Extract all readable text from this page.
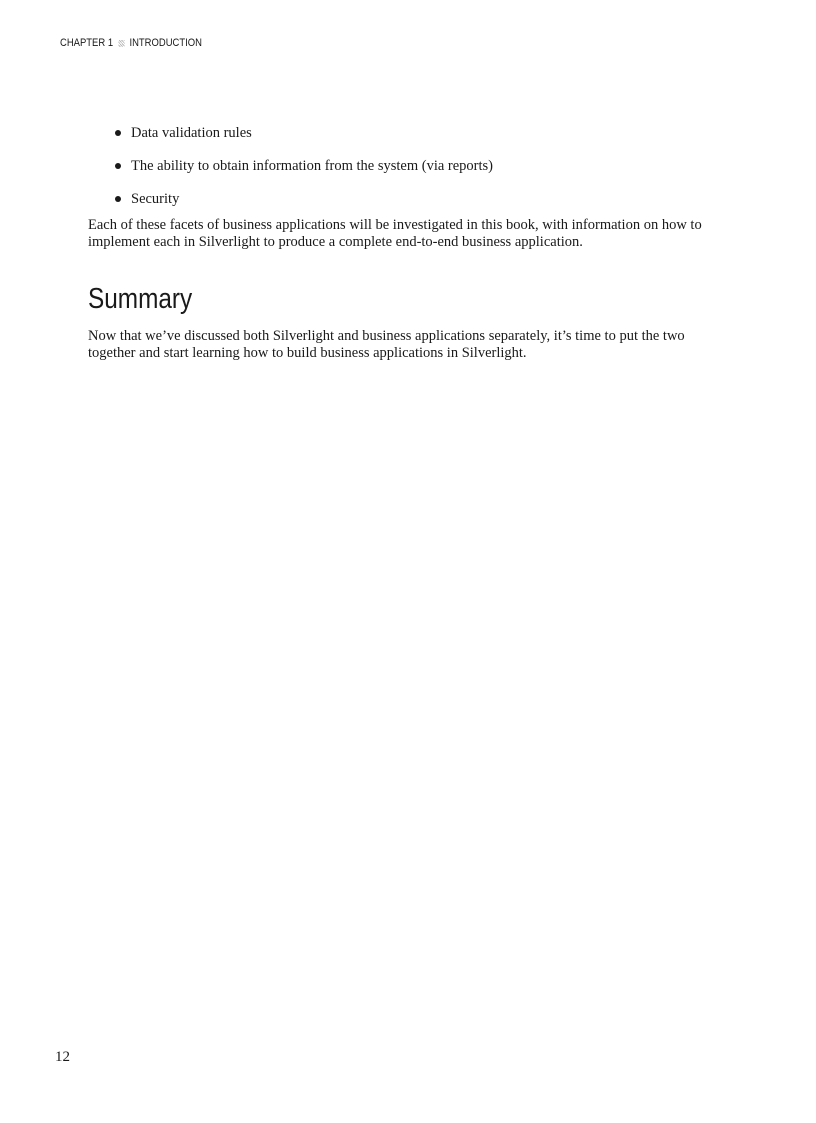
CHAPTER 1 INTRODUCTION
Data validation rules
The ability to obtain information from the system (via reports)
Security

Each of these facets of business applications will be investigated in this book, with information on how to implement each in Silverlight to produce a complete end-to-end business application.

Summary

Now that we’ve discussed both Silverlight and business applications separately, it’s time to put the two together and start learning how to build business applications in Silverlight.

12
